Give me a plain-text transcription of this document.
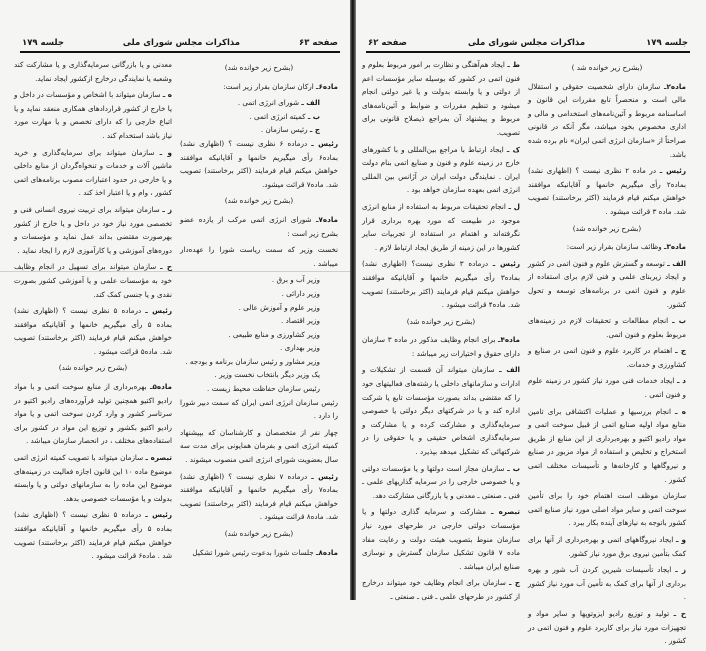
صفحه ۶۳
مذاکرات مجلس شورای ملی
جلسه ۱۷۹
(بشرح زیر خوانده شد)
ماده۶ـ ارکان سازمان بقرار زیر است:
الف ـ شورای انرژی اتمی .
ب ـ کمیته انرژی اتمی .
ج ـ رئیس سازمان .
رئیس ـ درماده ۶ نظری نیست ؟ (اظهاری نشد) بماده۶ رأی میگیریم خانمها و آقایانیکه موافقند خواهش میکنم قیام فرمایند (اکثر برخاستند) تصویب شد. ماده۷ قرائت میشود.
(بشرح زیر خوانده شد)
ماده۷ـ شورای انرژی اتمی مرکب از یازده عضو بشرح زیر است :
نخست وزیر که سمت ریاست شورا را عهده‌دار میباشد .
وزیر آب و برق .
وزیر دارائی .
وزیر علوم و آموزش عالی .
وزیر اقتصاد .
وزیر کشاورزی و منابع طبیعی .
وزیر بهداری .
وزیر مشاور و رئیس سازمان برنامه و بودجه .
یک وزیر دیگر بانتخاب نخست وزیر .
رئیس سازمان حفاظت محیط زیست .
رئیس سازمان انرژی اتمی ایران که سمت دبیر شورا را دارد .
چهار نفر از متخصصان و کارشناسان که بپیشنهاد کمیته انرژی اتمی و بفرمان همایونی برای مدت سه سال بعضویت شورای انرژی اتمی منصوب میشوند .
رئیس ـ درماده ۷ نظری نیست ؟ (اظهاری نشد) بماده۷ رأی میگیریم خانمها و آقایانیکه موافقند خواهش میکنم قیام فرمایند (اکثر برخاستند) تصویب شد. ماده۸ قرائت میشود .
(بشرح زیر خوانده شد)
ماده۸ـ جلسات شورا بدعوت رئیس شورا تشکیل
معدنی و یا بازرگانی سرمایه‌گذاری و یا مشارکت کند وشعبه یا نمایندگی درخارج ازکشور ایجاد نماید.
ه ـ سازمان میتواند با اشخاص و مؤسسات در داخل و یا خارج از کشور قراردادهای همکاری منعقد نماید و یا اتباع خارجی را که دارای تخصص و یا مهارت مورد نیاز باشد استخدام کند .
و ـ سازمان میتواند برای سرمایه‌گذاری و خرید ماشین آلات و خدمات و تنخواه‌گردان از منابع داخلی و یا خارجی در حدود اعتبارات مصوب برنامه‌های اتمی کشور ، وام و یا اعتبار اخذ کند .
ز ـ سازمان میتواند برای تربیت نیروی انسانی فنی و تخصصی مورد نیاز خود در داخل و یا خارج از کشور بهرصورت مقتضی بداند عمل نماید و مؤسسات و دوره‌های آموزشی و یا کارآموزی لازم را ایجاد نماید .
ح ـ سازمان میتواند برای تسهیل در انجام وظایف خود به مؤسسات علمی و یا آموزشی کشور بصورت نقدی و یا جنسی کمک کند.
رئیس ـ درماده ۵ نظری نیست ؟ (اظهاری نشد) بماده ۵ رأی میگیریم خانمها و آقایانیکه موافقند خواهش میکنم قیام فرمایند (اکثر برخاستند) تصویب شد. ماده۵ قرائت میشود .
(بشرح زیر خوانده شد)
ماده۵ـ بهره‌برداری از منابع سوخت اتمی و با مواد رادیو اکتیو همچنین تولید فرآورده‌های رادیو اکتیو در سرتاسر کشور و وارد کردن سوخت اتمی و یا مواد رادیو اکتیو بکشور و توزیع این مواد در کشور برای استفاده‌های مختلف ، در انحصار سازمان میباشد .
تبصره ـ سازمان میتواند با تصویب کمیته انرژی اتمی موضوع ماده ۱۰ این قانون اجازه فعالیت در زمینه‌های موضوع این ماده را به سازمانهای دولتی و یا وابسته بدولت و یا مؤسسات خصوصی بدهد.
رئیس ـ درماده ۵ نظری نیست ؟ (اظهاری نشد) بماده ۵ رأی میگیریم خانمها و آقایانیکه موافقند خواهش میکنم قیام فرمایند (اکثر برخاستند) تصویب شد . ماده۶ قرائت میشود .
جلسه ۱۷۹
مذاکرات مجلس شورای ملی
صفحه ۶۲
(بشرح زیر خوانده شد )
ماده۲ـ سازمان دارای شخصیت حقوقی و استقلال مالی است و منحصراً تابع مقررات این قانون و اساسنامه مربوط و آئین‌نامه‌های استخدامی و مالی و اداری مخصوص بخود میباشد، مگر آنکه در قانونی صراحتاً از «سازمان انرژی اتمی ایران» نام برده شده باشد.
رئیس ـ در ماده ۲ نظری نیست ؟ (اظهاری نشد) بماده۲ رأی میگیریم خانمها و آقایانیکه موافقند خواهش میکنم قیام فرمایند (اکثر برخاستند) تصویب شد. ماده ۳ قرائت میشود .
(بشرح زیر خوانده شد)
ماده۳ـ وظائف سازمان بقرار زیر است:
الف ـ توسعه و گسترش علوم و فنون اتمی در کشور و ایجاد زیربنای علمی و فنی لازم برای استفاده از علوم و فنون اتمی در برنامه‌های توسعه و تحول کشور.
ب ـ انجام مطالعات و تحقیقات لازم در زمینه‌های مربوط بعلوم و فنون اتمی.
ج ـ اهتمام در کاربرد علوم و فنون اتمی در صنایع و کشاورزی و خدمات.
د ـ ایجاد خدمات فنی مورد نیاز کشور در زمینه علوم و فنون اتمی .
ه ـ انجام بررسیها و عملیات اکتشافی برای تامین منابع مواد اولیه صنایع اتمی از قبیل سوخت اتمی و مواد رادیو اکتیو و بهره‌برداری از این منابع از طریق استخراج و تخلیص و استفاده از مواد مزبور در صنایع و نیروگاهها و کارخانه‌ها و تأسیسات مختلف اتمی کشور .
سازمان موظف است اهتمام خود را برای تأمین سوخت اتمی و سایر مواد اصلی مورد نیاز صنایع اتمی کشور باتوجه به نیازهای آینده بکار ببرد .
و ـ ایجاد نیروگاههای اتمی و بهره‌برداری از آنها برای کمک بتأمین نیروی برق مورد نیاز کشور.
ز ـ ایجاد تأسیسات شیرین کردن آب شور و بهره برداری از آنها برای کمک به تأمین آب مورد نیاز کشور .
ح ـ تولید و توزیع رادیو ایزوتوپها و سایر مواد و تجهیزات مورد نیاز برای کاربرد علوم و فنون اتمی در کشور .
ط ـ ایجاد هم‌آهنگی و نظارت بر امور مربوط بعلوم و فنون اتمی در کشور که بوسیله سایر مؤسسات اعم از دولتی و یا وابسته بدولت و یا غیر دولتی انجام میشود و تنظیم مقررات و ضوابط و آئین‌نامه‌های مربوط و پیشنهاد آن بمراجع ذیصلاح قانونی برای تصویب.
ک ـ ایجاد ارتباط با مراجع بین‌المللی و با کشورهای خارج در زمینه علوم و فنون و صنایع اتمی بنام دولت ایران . نمایندگی دولت ایران در آژانس بین المللی انرژی اتمی بعهده سازمان خواهد بود .
ل ـ انجام تحقیقات مربوط به استفاده از منابع انرژی موجود در طبیعت که مورد بهره برداری قرار نگرفته‌اند و اهتمام در استفاده از تجربیات سایر کشورها در این زمینه از طریق ایجاد ارتباط لازم .
رئیس ـ درماده ۳ نظری نیست؟ (اظهاری نشد) بماده۳ رأی میگیریم خانمها و آقایانیکه موافقند خواهش میکنم قیام فرمایند (اکثر برخاستند) تصویب شد. ماده۴ قرائت میشود .
(بشرح زیر خوانده شد)
ماده۴ـ برای انجام وظایف مذکور در ماده ۳ سازمان دارای حقوق و اختیارات زیر میباشد :
الف ـ سازمان میتواند آن قسمت از تشکیلات و ادارات و سازمانهای داخلی یا رشته‌های فعالیتهای خود را که مقتضی بداند بصورت مؤسسات تابع یا شرکت اداره کند و یا در شرکتهای دیگر دولتی یا خصوصی سرمایه‌گذاری و مشارکت کرده و یا مشارکت و سرمایه‌گذاری اشخاص حقیقی و یا حقوقی را در شرکتهائی که تشکیل میدهد بپذیرد .
ب ـ سازمان مجاز است دولتها و یا مؤسسات دولتی و یا خصوصی خارجی را در سرمایه گذاریهای علمی ـ فنی ـ صنعتی ـ معدنی و یا بازرگانی مشارکت دهد.
تبصره ـ مشارکت و سرمایه گذاری دولتها و یا مؤسسات دولتی خارجی در طرحهای مورد نیاز سازمان منوط بتصویب هیئت دولت و رعایت مفاد ماده ۷ قانون تشکیل سازمان گسترش و نوسازی صنایع ایران میباشد .
ج ـ سازمان برای انجام وظایف خود میتواند درخارج از کشور در طرحهای علمی ـ فنی ـ صنعتی ـ
